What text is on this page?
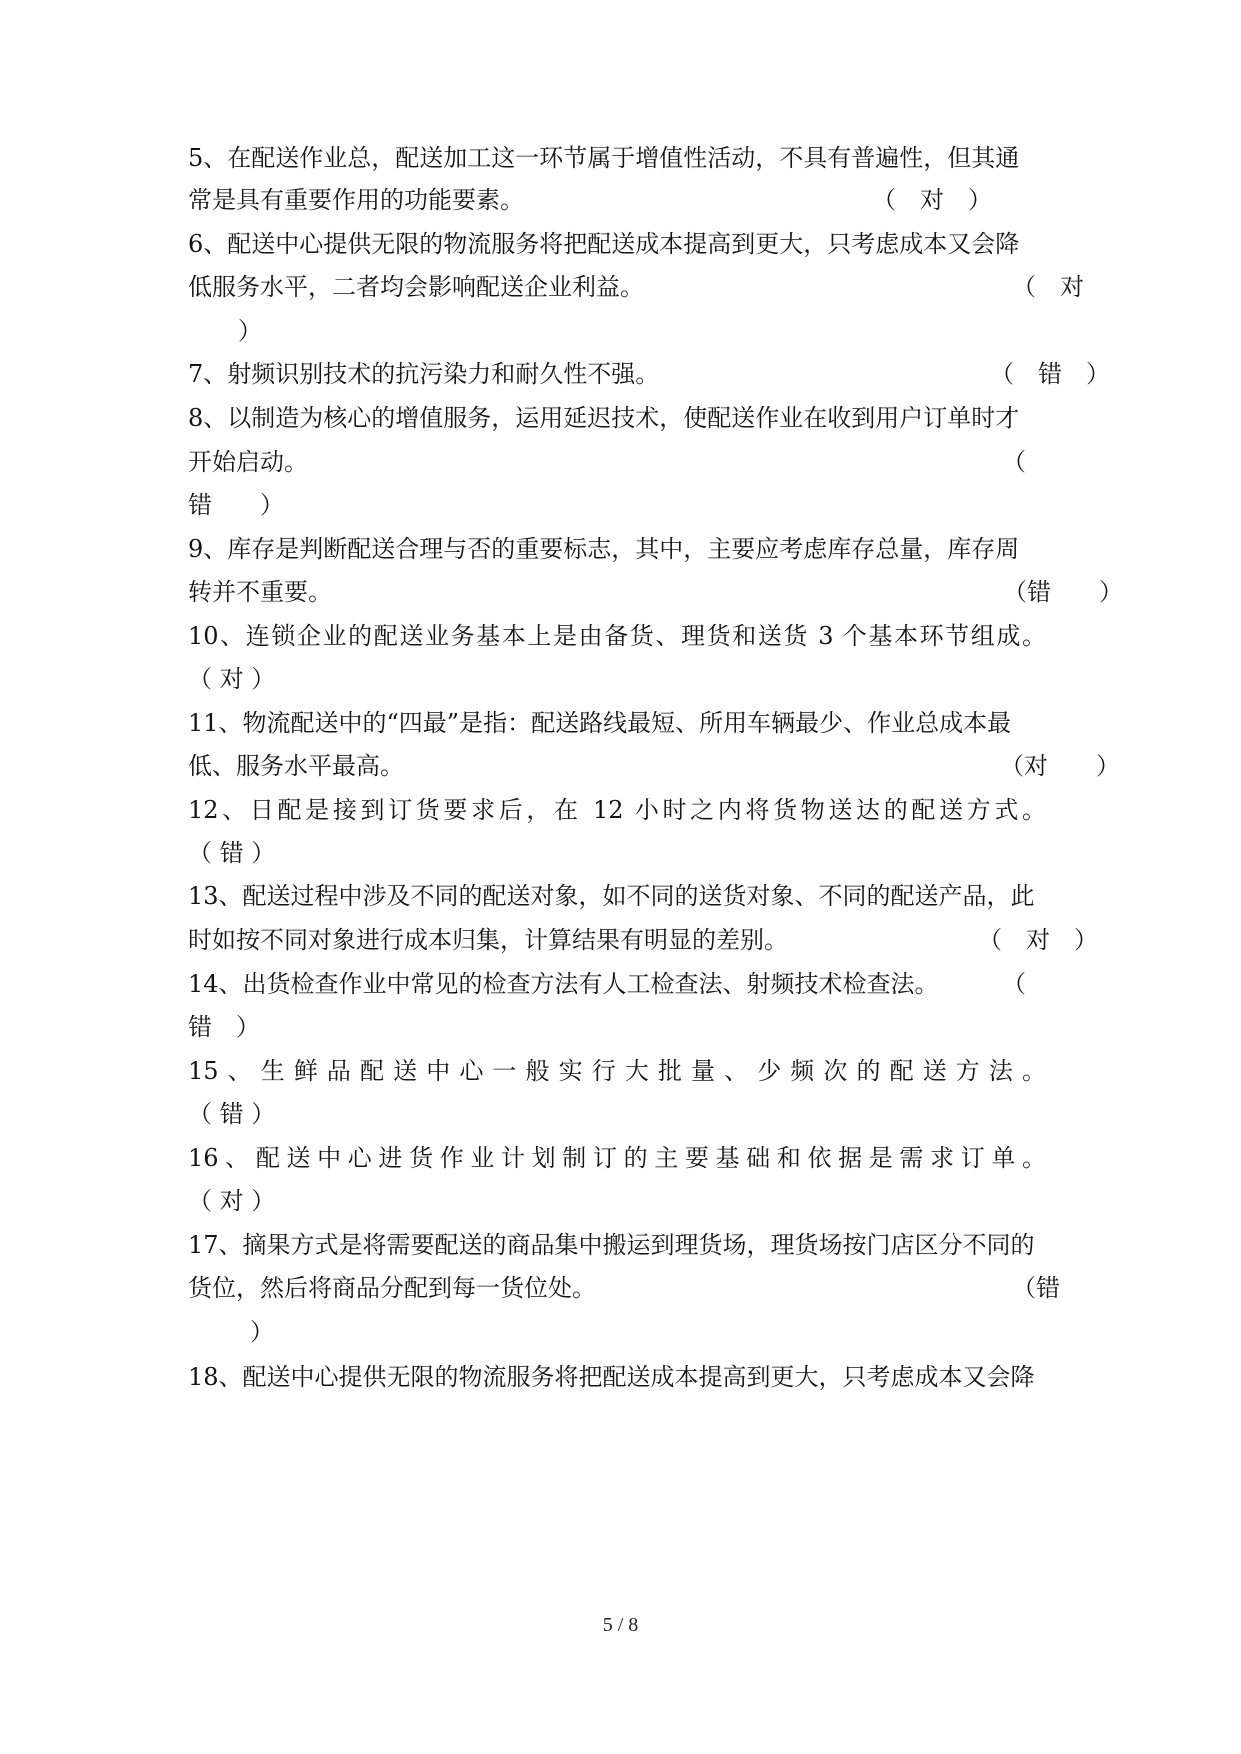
5、在配送作业总，配送加工这一环节属于增值性活动，不具有普遍性，但其通
常是具有重要作用的功能要素。	（　对　）
6、配送中心提供无限的物流服务将把配送成本提高到更大，只考虑成本又会降
低服务水平，二者均会影响配送企业利益。	（　对
）
7、射频识别技术的抗污染力和耐久性不强。	（　错　）
8、以制造为核心的增值服务，运用延迟技术，使配送作业在收到用户订单时才
开始启动。	（
错　　）
9、库存是判断配送合理与否的重要标志，其中，主要应考虑库存总量，库存周
转并不重要。	（错　　）
10、连锁企业的配送业务基本上是由备货、理货和送货 3 个基本环节组成。
（ 对 ）
11、物流配送中的“四最”是指：配送路线最短、所用车辆最少、作业总成本最
低、服务水平最高。	（对　　）
12、日配是接到订货要求后，在 12 小时之内将货物送达的配送方式。
（ 错 ）
13、配送过程中涉及不同的配送对象，如不同的送货对象、不同的配送产品，此
时如按不同对象进行成本归集，计算结果有明显的差别。	（　对　）
14、出货检查作业中常见的检查方法有人工检查法、射频技术检查法。	（
错　）
15、生鲜品配送中心一般实行大批量、少频次的配送方法。
（ 错 ）
16、配送中心进货作业计划制订的主要基础和依据是需求订单。
（ 对 ）
17、摘果方式是将需要配送的商品集中搬运到理货场，理货场按门店区分不同的
货位，然后将商品分配到每一货位处。	（错
）
18、配送中心提供无限的物流服务将把配送成本提高到更大，只考虑成本又会降
5 / 8
